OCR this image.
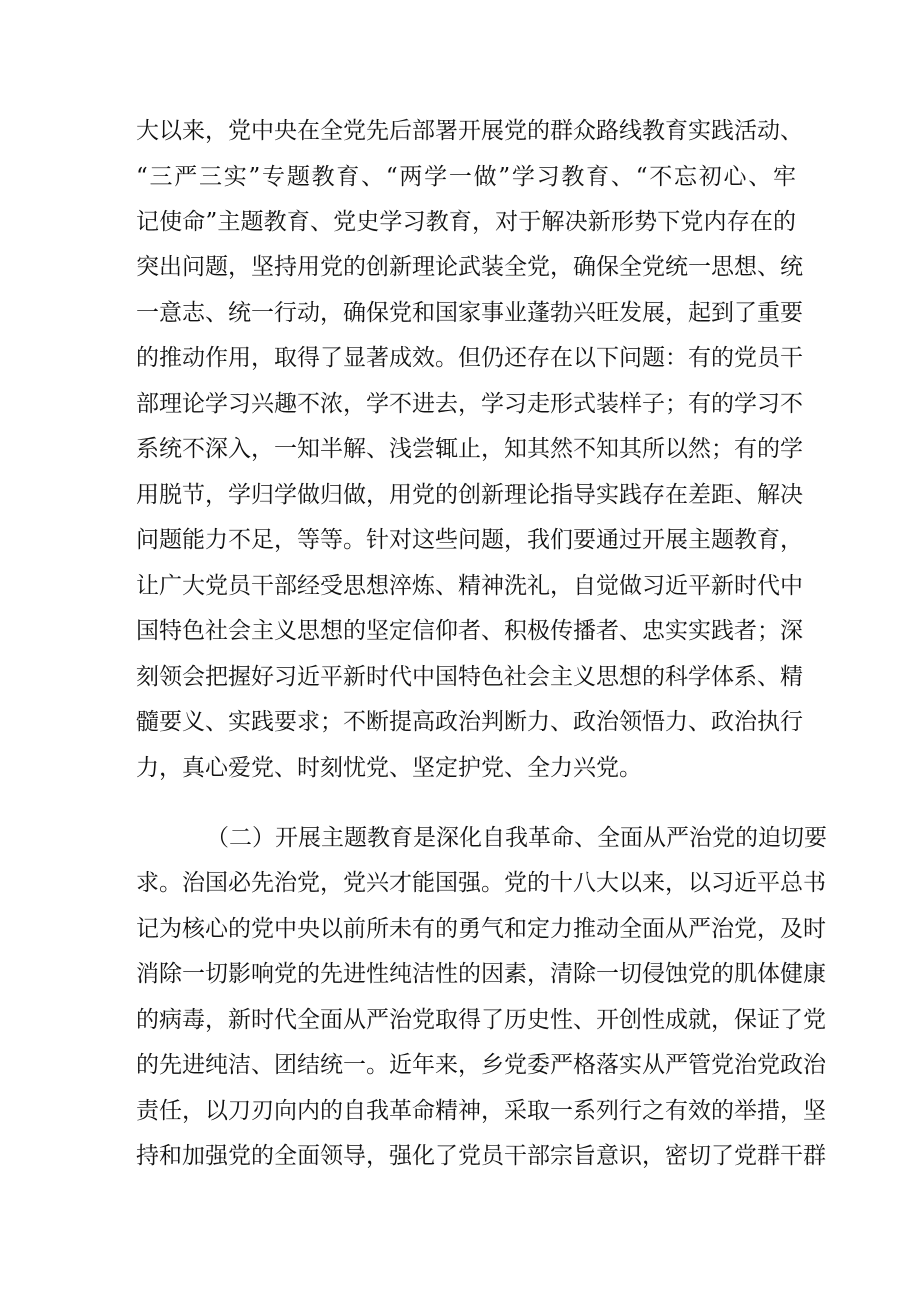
大以来，党中央在全党先后部署开展党的群众路线教育实践活动、
“三严三实”专题教育、“两学一做”学习教育、“不忘初心、牢
记使命”主题教育、党史学习教育，对于解决新形势下党内存在的
突出问题，坚持用党的创新理论武装全党，确保全党统一思想、统
一意志、统一行动，确保党和国家事业蓬勃兴旺发展，起到了重要
的推动作用，取得了显著成效。但仍还存在以下问题：有的党员干
部理论学习兴趣不浓，学不进去，学习走形式装样子；有的学习不
系统不深入，一知半解、浅尝辄止，知其然不知其所以然；有的学
用脱节，学归学做归做，用党的创新理论指导实践存在差距、解决
问题能力不足，等等。针对这些问题，我们要通过开展主题教育，
让广大党员干部经受思想淬炼、精神洗礼，自觉做习近平新时代中
国特色社会主义思想的坚定信仰者、积极传播者、忠实实践者；深
刻领会把握好习近平新时代中国特色社会主义思想的科学体系、精
髓要义、实践要求；不断提高政治判断力、政治领悟力、政治执行
力，真心爱党、时刻忧党、坚定护党、全力兴党。
（二）开展主题教育是深化自我革命、全面从严治党的迫切要
求。治国必先治党，党兴才能国强。党的十八大以来，以习近平总书
记为核心的党中央以前所未有的勇气和定力推动全面从严治党，及时
消除一切影响党的先进性纯洁性的因素，清除一切侵蚀党的肌体健康
的病毒，新时代全面从严治党取得了历史性、开创性成就，保证了党
的先进纯洁、团结统一。近年来，乡党委严格落实从严管党治党政治
责任，以刀刃向内的自我革命精神，采取一系列行之有效的举措，坚
持和加强党的全面领导，强化了党员干部宗旨意识，密切了党群干群
